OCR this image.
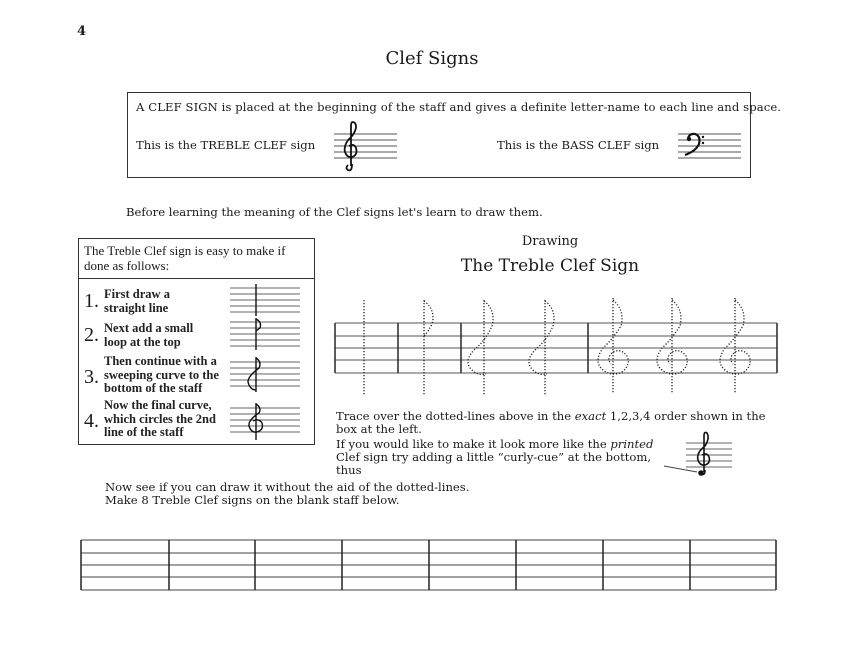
4
Clef Signs
A CLEF SIGN is placed at the beginning of the staff and gives a definite letter-name to each line and space.
This is the TREBLE CLEF sign	This is the BASS CLEF sign
Before learning the meaning of the Clef signs let's learn to draw them.
The Treble Clef sign is easy to make if done as follows:
1. First draw a straight line
2. Next add a small loop at the top
3.
Then continue with a sweeping curve to the bottom of the staff
4.
Now the final curve, which circles the 2nd line of the staff
Drawing
The Treble Clef Sign
Trace over the dotted-lines above in the exact 1,2,3,4 order shown in the box at the left.
If you would like to make it look more like the printed Clef sign try adding a little “curly-cue” at the bottom, thus
Now see if you can draw it without the aid of the dotted-lines.
Make 8 Treble Clef signs on the blank staff below.
